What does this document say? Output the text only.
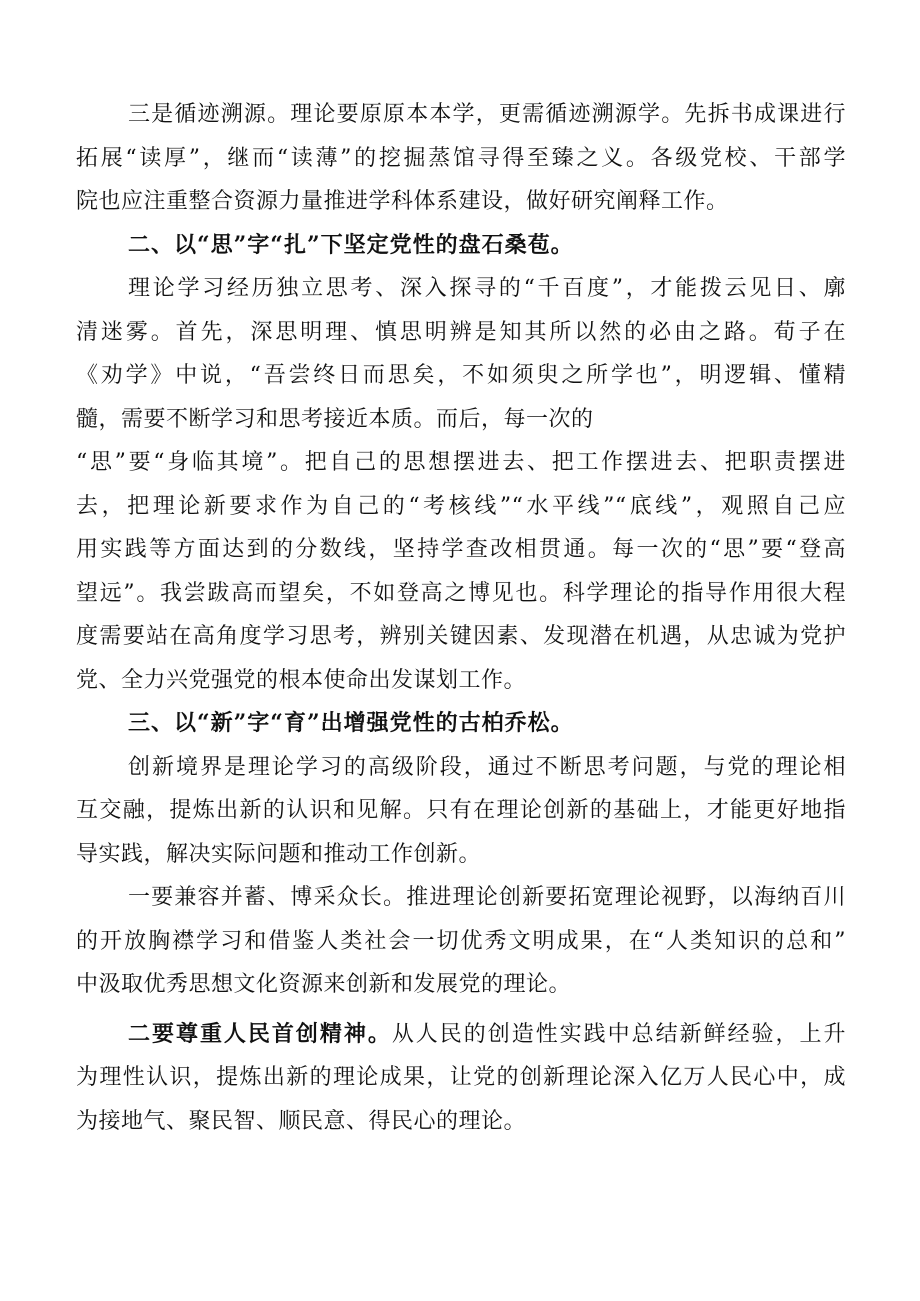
三是循迹溯源。理论要原原本本学，更需循迹溯源学。先拆书成课进行
拓展“读厚”，继而“读薄”的挖掘蒸馆寻得至臻之义。各级党校、干部学
院也应注重整合资源力量推进学科体系建设，做好研究阐释工作。
二、以“思”字“扎”下坚定党性的盘石桑苞。
理论学习经历独立思考、深入探寻的“千百度”，才能拨云见日、廓
清迷雾。首先，深思明理、慎思明辨是知其所以然的必由之路。荀子在
《劝学》中说，“吾尝终日而思矣，不如须臾之所学也”，明逻辑、懂精
髓，需要不断学习和思考接近本质。而后，每一次的
“思”要“身临其境”。把自己的思想摆进去、把工作摆进去、把职责摆进
去，把理论新要求作为自己的“考核线”“水平线”“底线”，观照自己应
用实践等方面达到的分数线，坚持学查改相贯通。每一次的“思”要“登高
望远”。我尝跋高而望矣，不如登高之博见也。科学理论的指导作用很大程
度需要站在高角度学习思考，辨别关键因素、发现潜在机遇，从忠诚为党护
党、全力兴党强党的根本使命出发谋划工作。
三、以“新”字“育”出增强党性的古柏乔松。
创新境界是理论学习的高级阶段，通过不断思考问题，与党的理论相
互交融，提炼出新的认识和见解。只有在理论创新的基础上，才能更好地指
导实践，解决实际问题和推动工作创新。
一要兼容并蓄、博采众长。推进理论创新要拓宽理论视野，以海纳百川
的开放胸襟学习和借鉴人类社会一切优秀文明成果，在“人类知识的总和”
中汲取优秀思想文化资源来创新和发展党的理论。
二要尊重人民首创精神。从人民的创造性实践中总结新鲜经验，上升
为理性认识，提炼出新的理论成果，让党的创新理论深入亿万人民心中，成
为接地气、聚民智、顺民意、得民心的理论。
